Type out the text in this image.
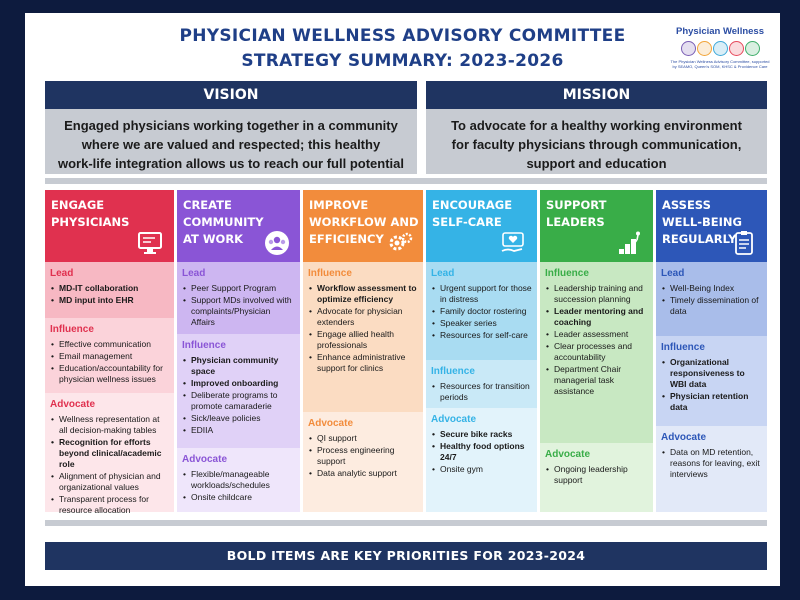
PHYSICIAN WELLNESS ADVISORY COMMITTEE
STRATEGY SUMMARY: 2023-2026
Physician Wellness
The Physician Wellness Advisory Committee, supported by SEAMO, Queen's SOM, KHSC & Providence Care
VISION
Engaged physicians working together in a community
where we are valued and respected; this healthy
work-life integration allows us to reach our full potential
MISSION
To advocate for a healthy working environment
for faculty physicians through communication,
support and education
ENGAGE
PHYSICIANS
Lead
• MD-IT collaboration
• MD input into EHR
Influence
• Effective communication
• Email management
• Education/accountability for physician wellness issues
Advocate
• Wellness representation at all decision-making tables
• Recognition for efforts beyond clinical/academic role
• Alignment of physician and organizational values
• Transparent process for resource allocation
CREATE
COMMUNITY
AT WORK
Lead
• Peer Support Program
• Support MDs involved with complaints/Physician Affairs
Influence
• Physician community space
• Improved onboarding
• Deliberate programs to promote camaraderie
• Sick/leave policies
• EDIIA
Advocate
• Flexible/manageable workloads/schedules
• Onsite childcare
IMPROVE
WORKFLOW AND
EFFICIENCY
Influence
• Workflow assessment to optimize efficiency
• Advocate for physician extenders
• Engage allied health professionals
• Enhance administrative support for clinics
Advocate
• QI support
• Process engineering support
• Data analytic support
ENCOURAGE
SELF-CARE
Lead
• Urgent support for those in distress
• Family doctor rostering
• Speaker series
• Resources for self-care
Influence
• Resources for transition periods
Advocate
• Secure bike racks
• Healthy food options 24/7
• Onsite gym
SUPPORT
LEADERS
Influence
• Leadership training and succession planning
• Leader mentoring and coaching
• Leader assessment
• Clear processes and accountability
• Department Chair managerial task assistance
Advocate
• Ongoing leadership support
ASSESS
WELL-BEING
REGULARLY
Lead
• Well-Being Index
• Timely dissemination of data
Influence
• Organizational responsiveness to WBI data
• Physician retention data
Advocate
• Data on MD retention, reasons for leaving, exit interviews
BOLD ITEMS ARE KEY PRIORITIES FOR 2023-2024
